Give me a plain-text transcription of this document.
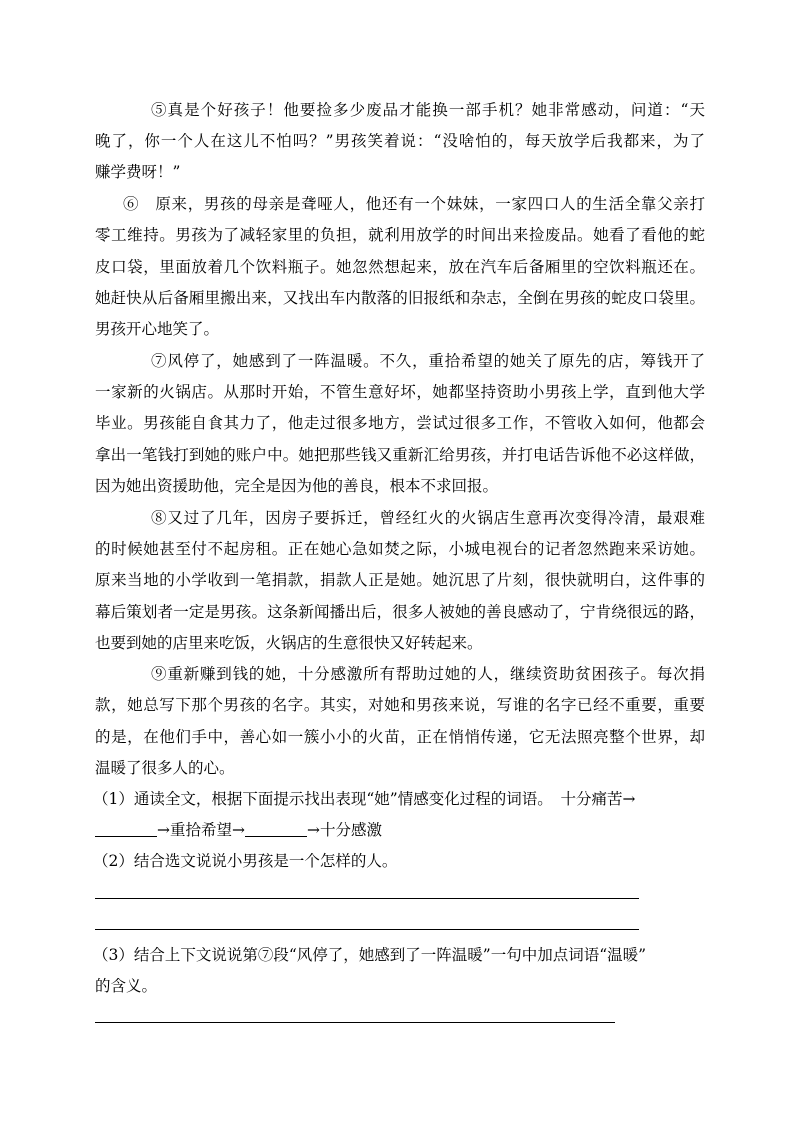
⑤真是个好孩子！他要捡多少废品才能换一部手机？她非常感动，问道：“天
晚了，你一个人在这儿不怕吗？”男孩笑着说：“没啥怕的，每天放学后我都来，为了
赚学费呀！”
⑥　原来，男孩的母亲是聋哑人，他还有一个妹妹，一家四口人的生活全靠父亲打
零工维持。男孩为了减轻家里的负担，就利用放学的时间出来捡废品。她看了看他的蛇
皮口袋，里面放着几个饮料瓶子。她忽然想起来，放在汽车后备厢里的空饮料瓶还在。
她赶快从后备厢里搬出来，又找出车内散落的旧报纸和杂志，全倒在男孩的蛇皮口袋里。
男孩开心地笑了。
⑦风停了，她感到了一阵温暖。不久，重拾希望的她关了原先的店，筹钱开了
一家新的火锅店。从那时开始，不管生意好坏，她都坚持资助小男孩上学，直到他大学
毕业。男孩能自食其力了，他走过很多地方，尝试过很多工作，不管收入如何，他都会
拿出一笔钱打到她的账户中。她把那些钱又重新汇给男孩，并打电话告诉他不必这样做，
因为她出资援助他，完全是因为他的善良，根本不求回报。
⑧又过了几年，因房子要拆迁，曾经红火的火锅店生意再次变得冷清，最艰难
的时候她甚至付不起房租。正在她心急如焚之际，小城电视台的记者忽然跑来采访她。
原来当地的小学收到一笔捐款，捐款人正是她。她沉思了片刻，很快就明白，这件事的
幕后策划者一定是男孩。这条新闻播出后，很多人被她的善良感动了，宁肯绕很远的路，
也要到她的店里来吃饭，火锅店的生意很快又好转起来。
⑨重新赚到钱的她，十分感激所有帮助过她的人，继续资助贫困孩子。每次捐
款，她总写下那个男孩的名字。其实，对她和男孩来说，写谁的名字已经不重要，重要
的是，在他们手中，善心如一簇小小的火苗，正在悄悄传递，它无法照亮整个世界，却
温暖了很多人的心。
（1）通读全文，根据下面提示找出表现“她”情感变化过程的词语。　十分痛苦→
→重拾希望→	→十分感激
（2）结合选文说说小男孩是一个怎样的人。
（3）结合上下文说说第⑦段“风停了，她感到了一阵温暖”一句中加点词语“温暖”
的含义。
